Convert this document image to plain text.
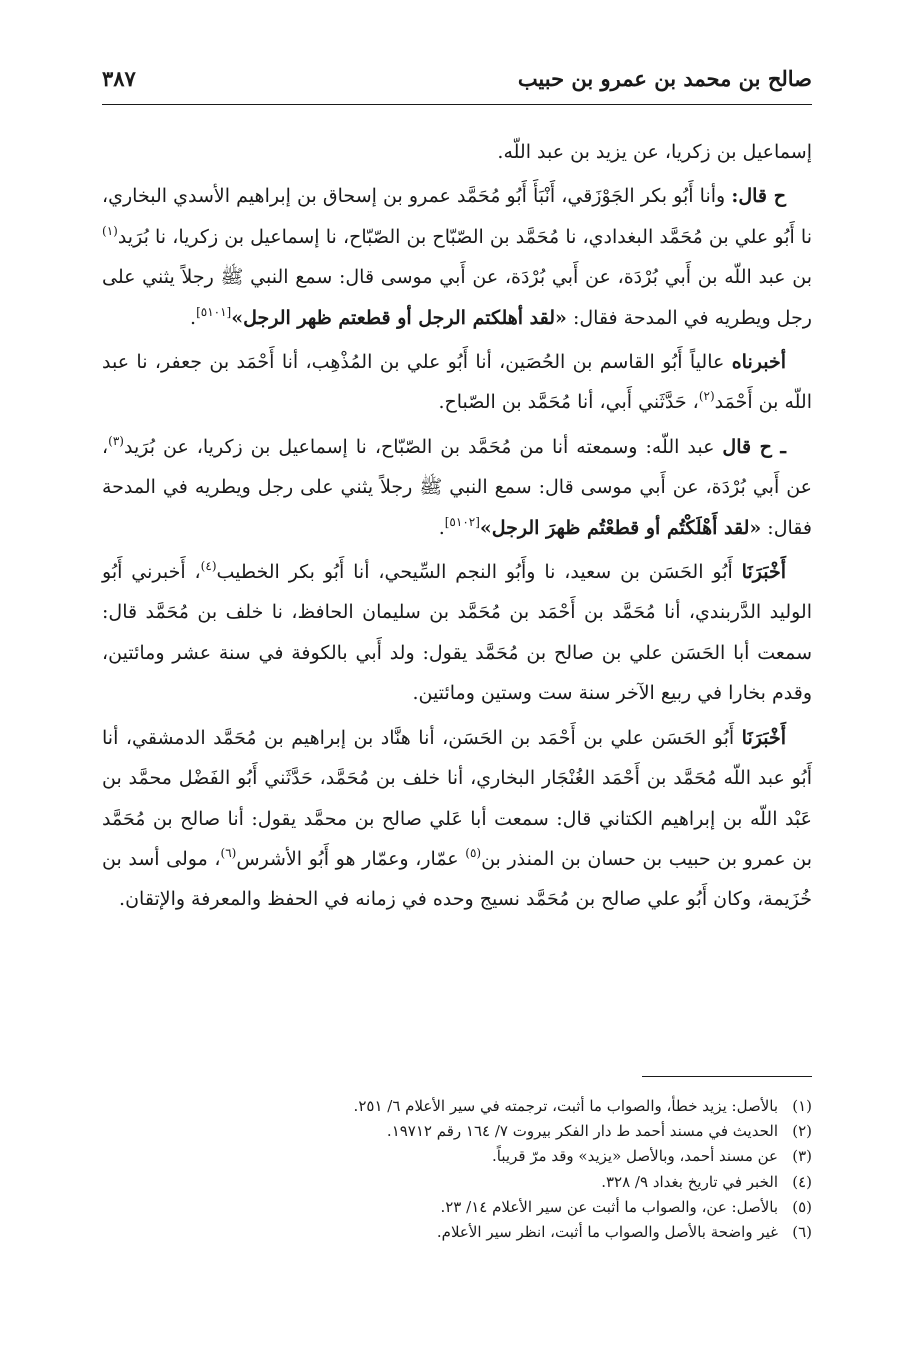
صالح بن محمد بن عمرو بن حبيب
٣٨٧

إسماعيل بن زكريا، عن يزيد بن عبد اللّه.

ح قال: وأنا أَبُو بكر الجَوْزَقي، أَنْبَأَ أَبُو مُحَمَّد عمرو بن إسحاق بن إبراهيم الأسدي البخاري، نا أَبُو علي بن مُحَمَّد البغدادي، نا مُحَمَّد بن الصّبّاح بن الصّبّاح، نا إسماعيل بن زكريا، نا بُرَيد$^{(١)}$ بن عبد اللّه بن أَبي بُرْدَة، عن أَبي بُرْدَة، عن أَبي موسى قال: سمع النبي ﷺ رجلاً يثني على رجل ويطريه في المدحة فقال: «لقد أهلكتم الرجل أو قطعتم ظهر الرجل»[٥١٠١].

أخبرناه عالياً أَبُو القاسم بن الحُصَين، أنا أَبُو علي بن المُذْهِب، أنا أَحْمَد بن جعفر، نا عبد اللّه بن أَحْمَد$^{(٢)}$، حَدَّثَني أَبي، أنا مُحَمَّد بن الصّباح.

ـ ح قال عبد اللّه: وسمعته أنا من مُحَمَّد بن الصّبّاح، نا إسماعيل بن زكريا، عن بُرَيد$^{(٣)}$، عن أَبي بُرْدَة، عن أَبي موسى قال: سمع النبي ﷺ رجلاً يثني على رجل ويطريه في المدحة فقال: «لقد أَهْلَكْتُم أو قطعْتُم ظهرَ الرجل»[٥١٠٢].

أَخْبَرَنَا أَبُو الحَسَن بن سعيد، نا وأَبُو النجم السِّيحي، أنا أَبُو بكر الخطيب$^{(٤)}$، أَخبرني أَبُو الوليد الدَّربندي، أنا مُحَمَّد بن أَحْمَد بن مُحَمَّد بن سليمان الحافظ، نا خلف بن مُحَمَّد قال: سمعت أبا الحَسَن علي بن صالح بن مُحَمَّد يقول: ولد أَبي بالكوفة في سنة عشر ومائتين، وقدم بخارا في ربيع الآخر سنة ست وستين ومائتين.

أَخْبَرَنَا أَبُو الحَسَن علي بن أَحْمَد بن الحَسَن، أنا هنَّاد بن إبراهيم بن مُحَمَّد الدمشقي، أنا أَبُو عبد اللّه مُحَمَّد بن أَحْمَد الغُنْجَار البخاري، أنا خلف بن مُحَمَّد، حَدَّثَني أَبُو الفَضْل محمَّد بن عَبْد اللّه بن إبراهيم الكتاني قال: سمعت أبا عَلي صالح بن محمَّد يقول: أنا صالح بن مُحَمَّد بن عمرو بن حبيب بن حسان بن المنذر بن$^{(٥)}$ عمّار، وعمّار هو أَبُو الأشرس$^{(٦)}$، مولى أسد بن خُزَيمة، وكان أَبُو علي صالح بن مُحَمَّد نسيج وحده في زمانه في الحفظ والمعرفة والإتقان.

(١)
بالأصل: يزيد خطأ، والصواب ما أثبت، ترجمته في سير الأعلام ٦/ ٢٥١.
(٢)
الحديث في مسند أحمد ط دار الفكر بيروت ٧/ ١٦٤ رقم ١٩٧١٢.
(٣)
عن مسند أحمد، وبالأصل «يزيد» وقد مرّ قريباً.
(٤)
الخبر في تاريخ بغداد ٩/ ٣٢٨.
(٥)
بالأصل: عن، والصواب ما أثبت عن سير الأعلام ١٤/ ٢٣.
(٦)
غير واضحة بالأصل والصواب ما أثبت، انظر سير الأعلام.
